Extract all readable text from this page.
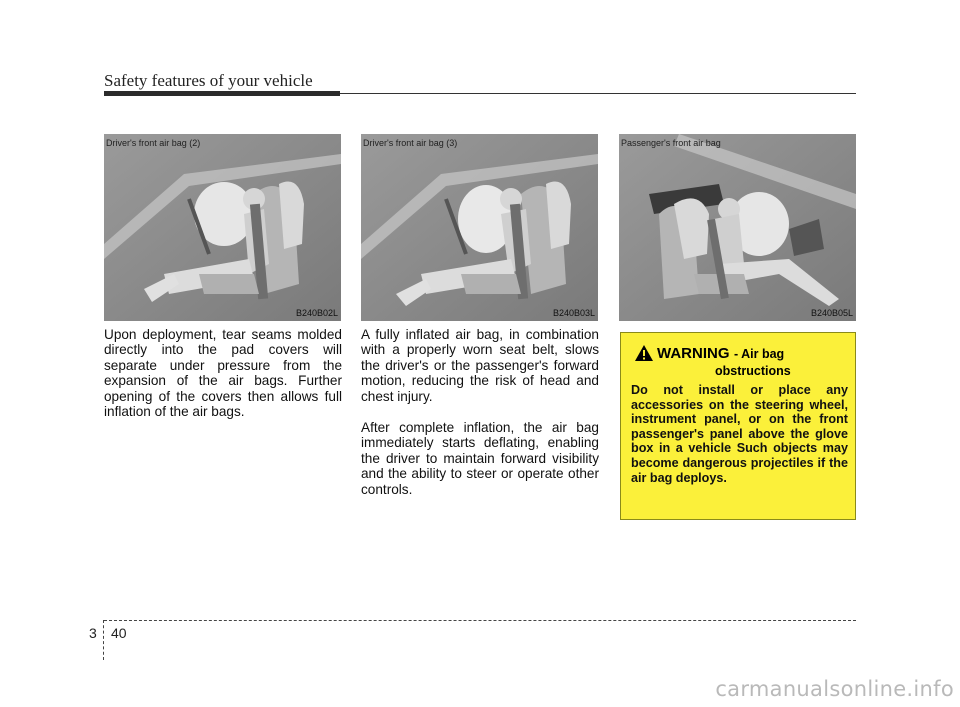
Safety features of your vehicle
Driver's front air bag (2)
B240B02L
Driver's front air bag (3)
B240B03L
Passenger's front air bag
B240B05L

Upon deployment, tear seams molded directly into the pad covers will separate under pressure from the expansion of the air bags. Further opening of the covers then allows full inflation of the air bags.

A fully inflated air bag, in combination with a properly worn seat belt, slows the driver's or the passenger's forward motion, reducing the risk of head and chest injury.

After complete inflation, the air bag immediately starts deflating, enabling the driver to maintain forward visibility and the ability to steer or operate other controls.

WARNING - Air bag
obstructions
Do not install or place any accessories on the steering wheel, instrument panel, or on the front passenger's panel above the glove box in a vehicle Such objects may become dangerous projectiles if the air bag deploys.
3 40
carmanualsonline.info
